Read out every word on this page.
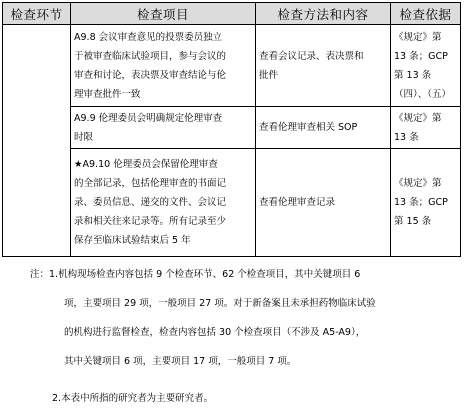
检查环节	检查项目	检查方法和内容	检查依据

	A9.8 会议审查意见的投票委员独立
于被审查临床试验项目，参与会议的
审查和讨论，表决票及审查结论与伦
理审查批件一致	查看会议记录、表决票和
批件	《规定》第
13 条；GCP
第 13 条
（四）、（五）

	A9.9 伦理委员会明确规定伦理审查
时限	查看伦理审查相关 SOP	《规定》第
13 条

	★A9.10 伦理委员会保留伦理审查
的全部记录，包括伦理审查的书面记
录、委员信息、递交的文件、会议记
录和相关往来记录等。所有记录至少
保存至临床试验结束后 5 年	查看伦理审查记录	《规定》第
13 条；GCP
第 15 条
注：1.机构现场检查内容包括 9 个检查环节、62 个检查项目，其中关键项目 6
项，主要项目 29 项，一般项目 27 项。对于新备案且未承担药物临床试验
的机构进行监督检查，检查内容包括 30 个检查项目（不涉及 A5-A9），
其中关键项目 6 项，主要项目 17 项，一般项目 7 项。
2.本表中所指的研究者为主要研究者。
